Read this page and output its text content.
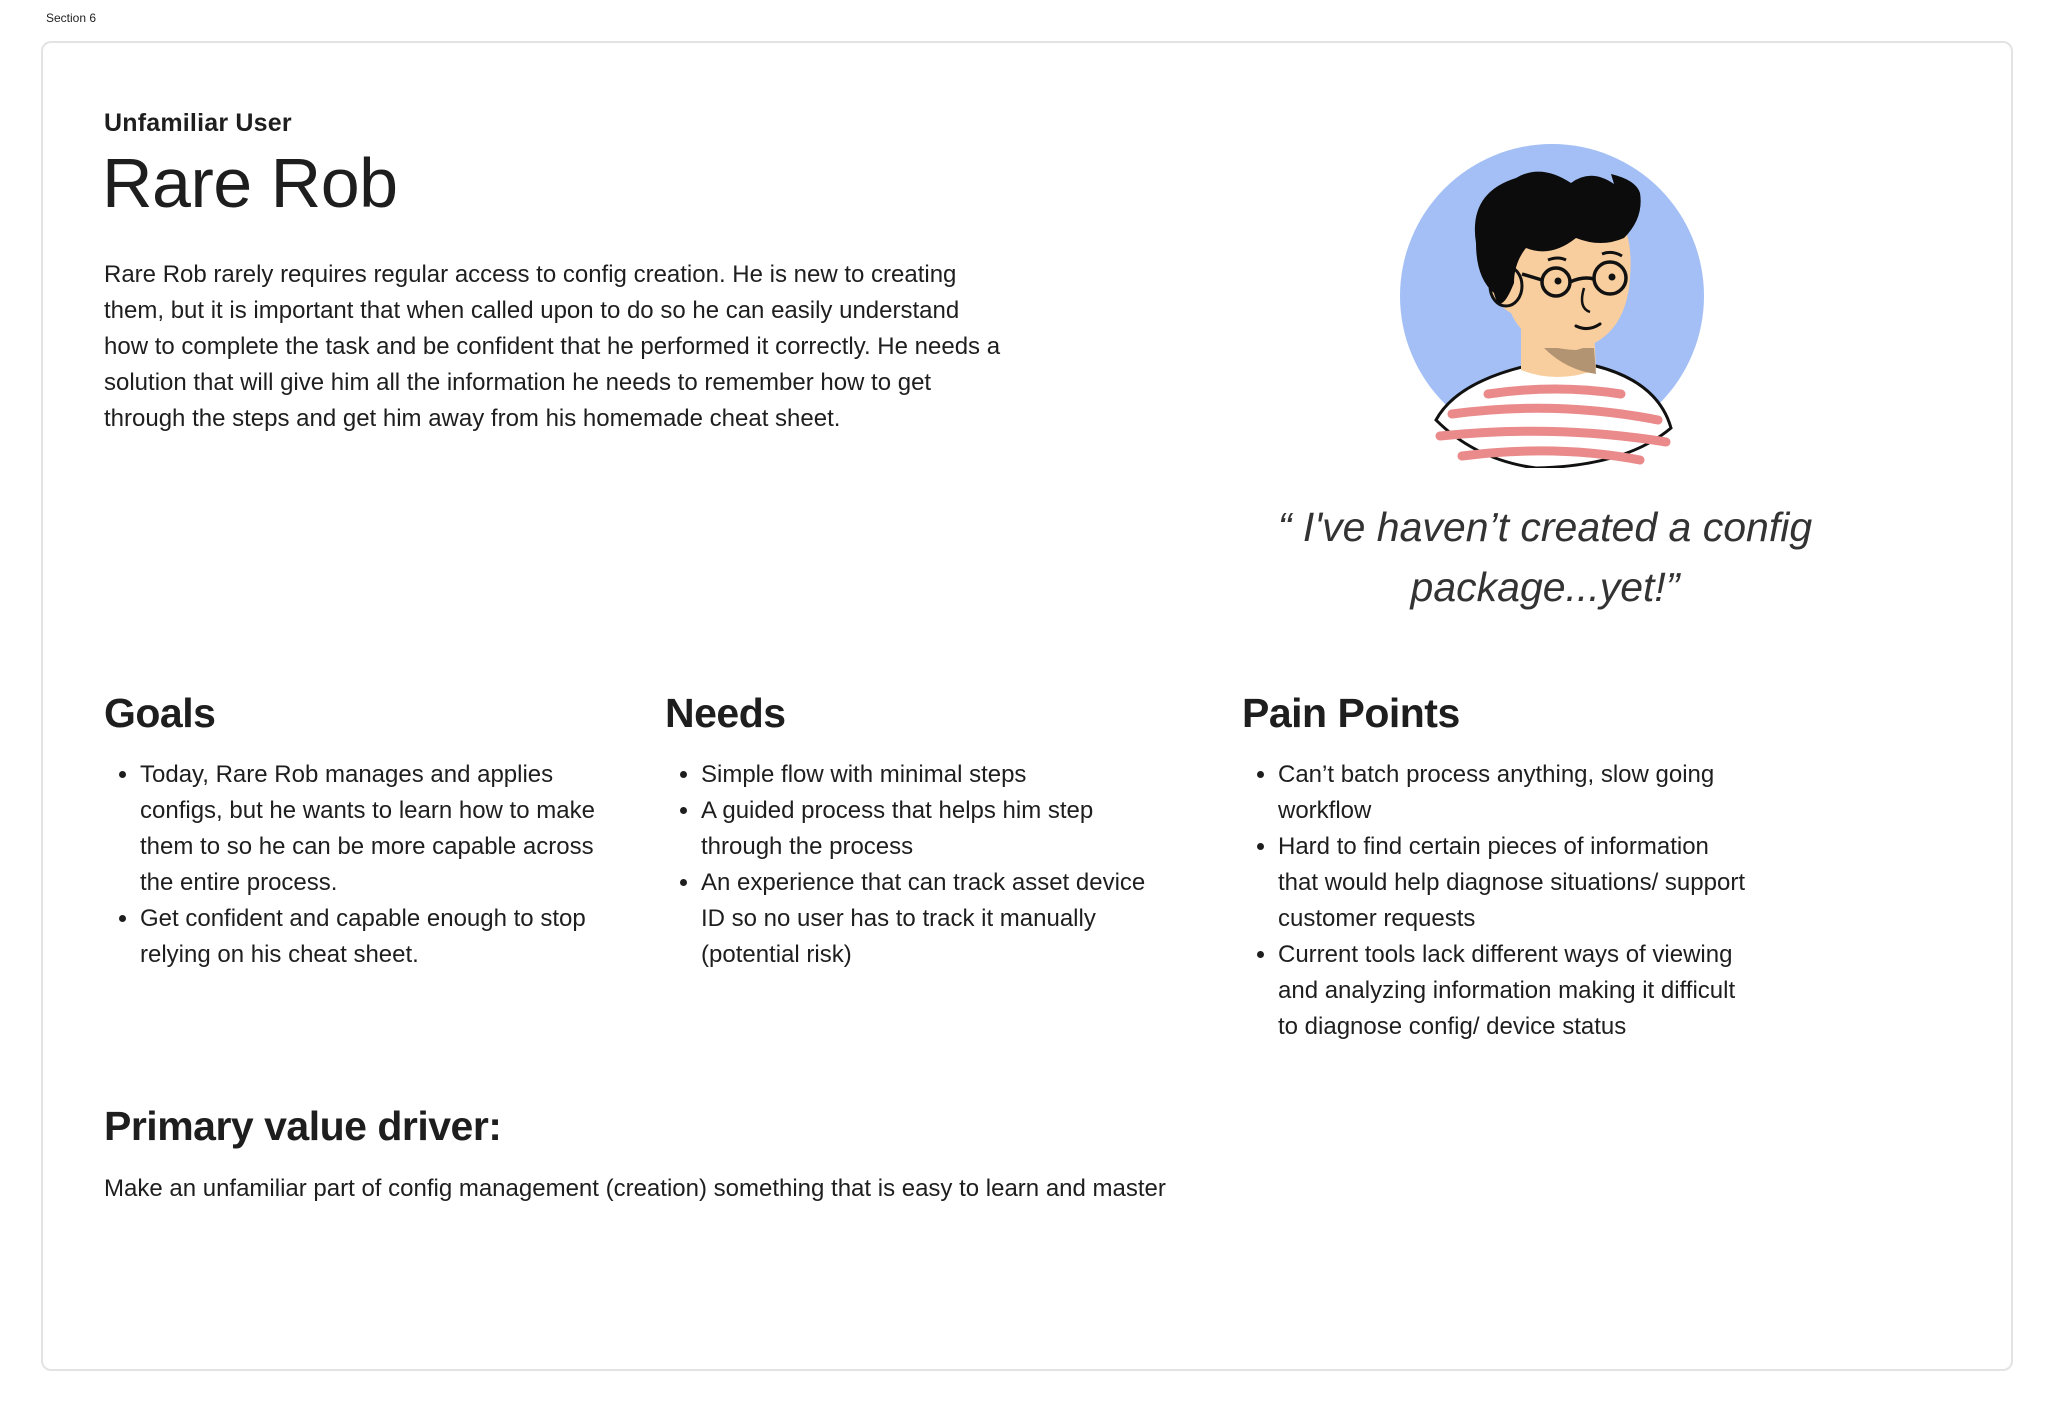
Section 6
Unfamiliar User
Rare Rob

Rare Rob rarely requires regular access to config creation. He is new to creating

them, but it is important that when called upon to do so he can easily understand

how to complete the task and be confident that he performed it correctly. He needs a

solution that will give him all the information he needs to remember how to get

through the steps and get him away from his homemade cheat sheet.

“ I've haven’t created a config
package...yet!”
Goals
• Today, Rare Rob manages and applies configs, but he wants to learn how to make them to so he can be more capable across the entire process.
• Get confident and capable enough to stop relying on his cheat sheet.
Needs
• Simple flow with minimal steps
• A guided process that helps him step through the process
• An experience that can track asset device ID so no user has to track it manually (potential risk)
Pain Points
• Can’t batch process anything, slow going workflow
• Hard to find certain pieces of information that would help diagnose situations/ support customer requests
• Current tools lack different ways of viewing and analyzing information making it difficult to diagnose config/ device status
Primary value driver:
Make an unfamiliar part of config management (creation) something that is easy to learn and master
